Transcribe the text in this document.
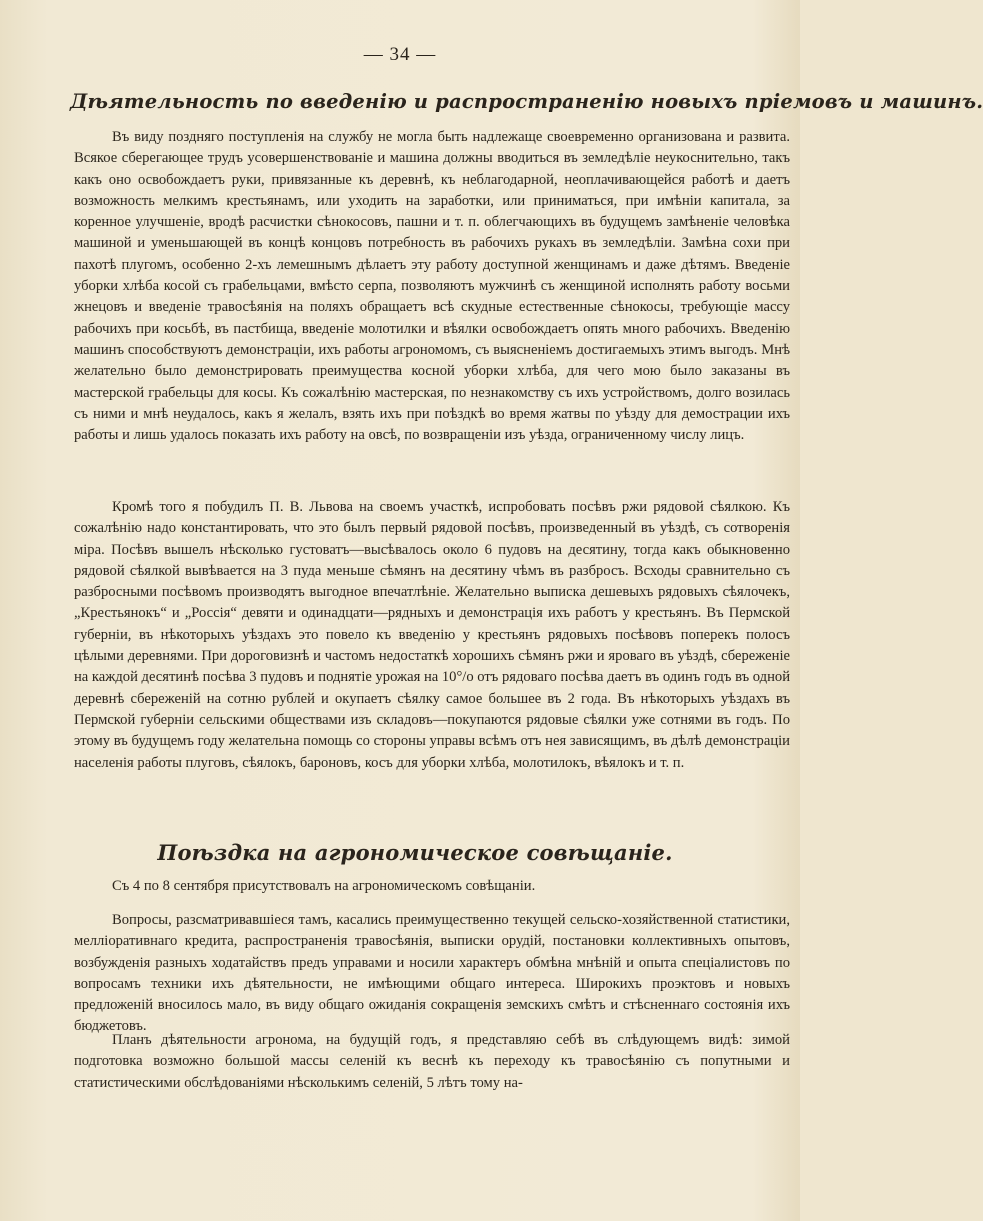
— 34 —
Дѣятельность по введенію и распространенію новыхъ пріемовъ и машинъ.

Въ виду поздняго поступленія на службу не могла быть надлежаще своевременно организована и развита. Всякое сберегающее трудъ усовершенствованіе и машина должны вводиться въ земледѣліе неукоснительно, такъ какъ оно освобождаетъ руки, привязанные къ деревнѣ, къ неблагодарной, неоплачивающейся работѣ и даетъ возможность мелкимъ крестьянамъ, или уходить на заработки, или приниматься, при имѣніи капитала, за коренное улучшеніе, вродѣ расчистки сѣнокосовъ, пашни и т. п. облегчающихъ въ будущемъ замѣненіе человѣка машиной и уменьшающей въ концѣ концовъ потребность въ рабочихъ рукахъ въ земледѣліи. Замѣна сохи при пахотѣ плугомъ, особенно 2-хъ лемешнымъ дѣлаетъ эту работу доступной женщинамъ и даже дѣтямъ. Введеніе уборки хлѣба косой съ грабельцами, вмѣсто серпа, позволяютъ мужчинѣ съ женщиной исполнять работу восьми жнецовъ и введеніе травосѣянія на поляхъ обращаетъ всѣ скудные естественные сѣнокосы, требующіе массу рабочихъ при косьбѣ, въ пастбища, введеніе молотилки и вѣялки освобождаетъ опять много рабочихъ. Введенію машинъ способствуютъ демонстраціи, ихъ работы агрономомъ, съ выясненіемъ достигаемыхъ этимъ выгодъ. Мнѣ желательно было демонстрировать преимущества косной уборки хлѣба, для чего мою было заказаны въ мастерской грабельцы для косы. Къ сожалѣнію мастерская, по незнакомству съ ихъ устройствомъ, долго возилась съ ними и мнѣ неудалось, какъ я желалъ, взять ихъ при поѣздкѣ во время жатвы по уѣзду для демострации ихъ работы и лишь удалось показать ихъ работу на овсѣ, по возвращеніи изъ уѣзда, ограниченному числу лицъ.

Кромѣ того я побудилъ П. В. Львова на своемъ участкѣ, испробовать посѣвъ ржи рядовой сѣялкою. Къ сожалѣнію надо константировать, что это былъ первый рядовой посѣвъ, произведенный въ уѣздѣ, съ сотворенія міра. Посѣвъ вышелъ нѣсколько густоватъ—высѣвалось около 6 пудовъ на десятину, тогда какъ обыкновенно рядовой сѣялкой вывѣвается на 3 пуда меньше сѣмянъ на десятину чѣмъ въ разбросъ. Всходы сравнительно съ разбросными посѣвомъ производятъ выгодное впечатлѣніе. Желательно выписка дешевыхъ рядовыхъ сѣялочекъ, „Крестьянокъ“ и „Россія“ девяти и одинадцати—рядныхъ и демонстрація ихъ работъ у крестьянъ. Въ Пермской губерніи, въ нѣкоторыхъ уѣздахъ это повело къ введенію у крестьянъ рядовыхъ посѣвовъ поперекъ полосъ цѣлыми деревнями. При дороговизнѣ и частомъ недостаткѣ хорошихъ сѣмянъ ржи и яроваго въ уѣздѣ, сбереженіе на каждой десятинѣ посѣва 3 пудовъ и поднятіе урожая на 10°/о отъ рядоваго посѣва даетъ въ одинъ годъ въ одной деревнѣ сбереженій на сотню рублей и окупаетъ сѣялку самое большее въ 2 года. Въ нѣкоторыхъ уѣздахъ въ Пермской губерніи сельскими обществами изъ складовъ—покупаются рядовые сѣялки уже сотнями въ годъ. По этому въ будущемъ году желательна помощь со стороны управы всѣмъ отъ нея зависящимъ, въ дѣлѣ демонстраціи населенія работы плуговъ, сѣялокъ, бароновъ, косъ для уборки хлѣба, молотилокъ, вѣялокъ и т. п.

Поѣздка на агрономическое совѣщаніе.

Съ 4 по 8 сентября присутствовалъ на агрономическомъ совѣщаніи.

Вопросы, разсматривавшіеся тамъ, касались преимущественно текущей сельско-хозяйственной статистики, мелліоративнаго кредита, распространенія травосѣянія, выписки орудій, постановки коллективныхъ опытовъ, возбужденія разныхъ ходатайствъ предъ управами и носили характеръ обмѣна мнѣній и опыта спеціалистовъ по вопросамъ техники ихъ дѣятельности, не имѣющими общаго интереса. Широкихъ проэктовъ и новыхъ предложеній вносилось мало, въ виду общаго ожиданія сокращенія земскихъ смѣтъ и стѣсненнаго состоянія ихъ бюджетовъ.

Планъ дѣятельности агронома, на будущій годъ, я представляю себѣ въ слѣдующемъ видѣ: зимой подготовка возможно большой массы селеній къ веснѣ къ переходу къ травосѣянію съ попутными и статистическими обслѣдованіями нѣсколькимъ селеній, 5 лѣтъ тому на-
